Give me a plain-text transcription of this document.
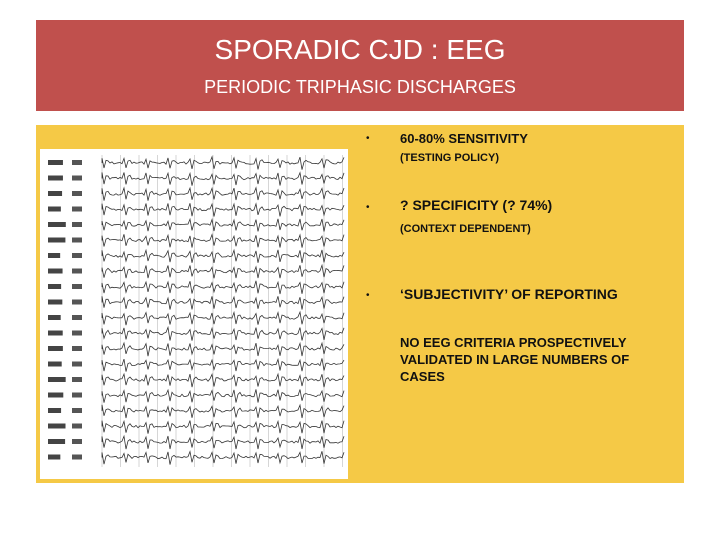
SPORADIC CJD : EEG
PERIODIC TRIPHASIC DISCHARGES
• 60-80% SENSITIVITY
(TESTING POLICY)
• ? SPECIFICITY (? 74%)
(CONTEXT DEPENDENT)
• ‘SUBJECTIVITY’ OF REPORTING
NO EEG CRITERIA PROSPECTIVELY
VALIDATED IN LARGE NUMBERS OF
CASES
